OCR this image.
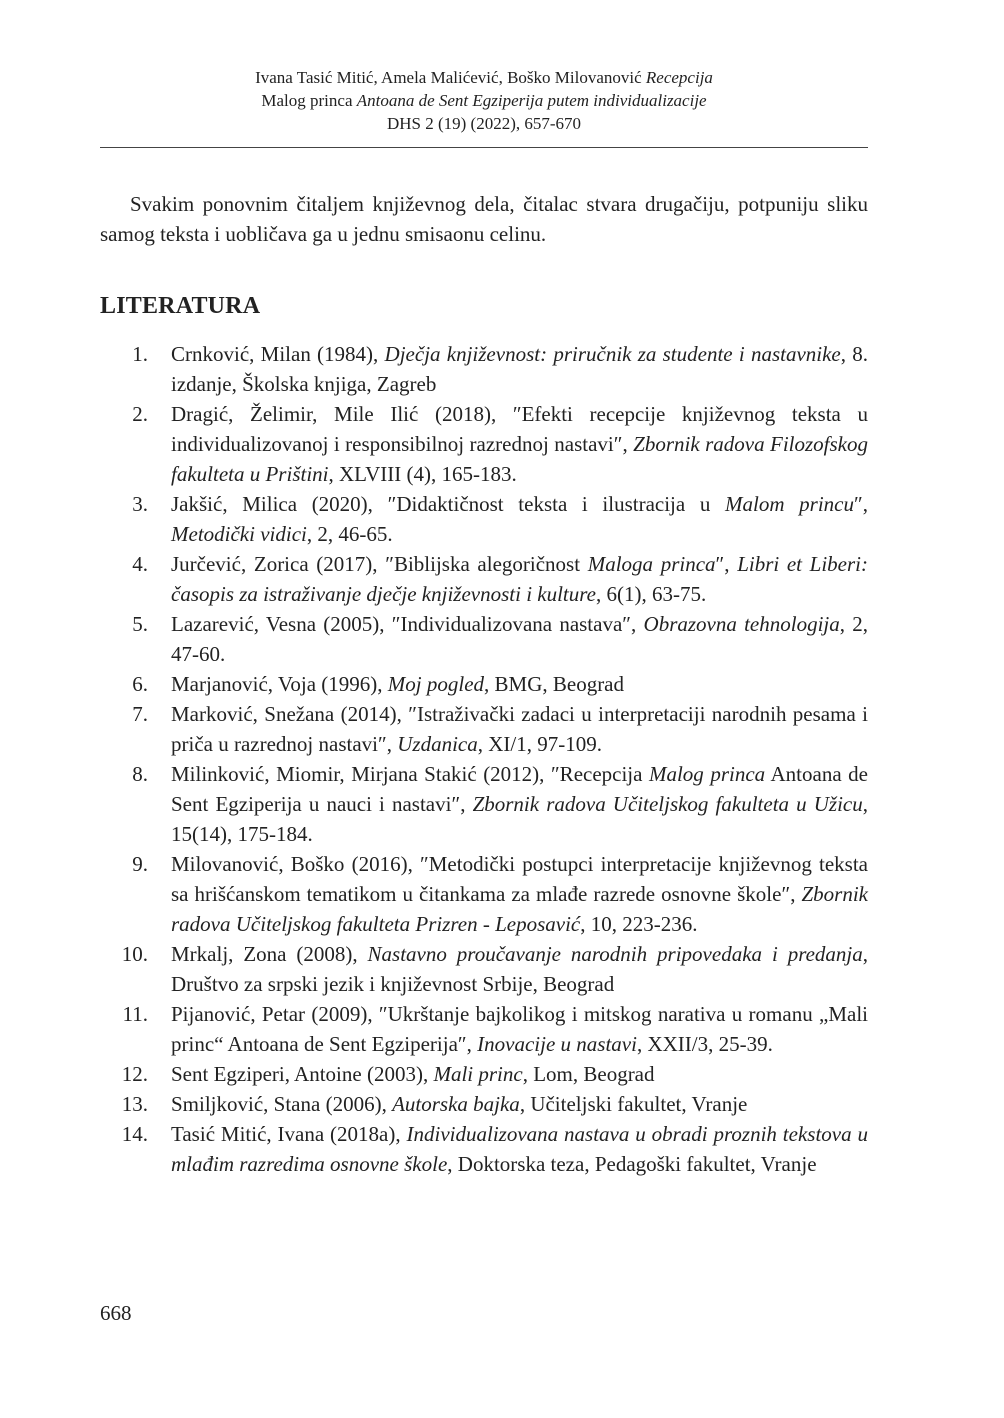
Ivana Tasić Mitić, Amela Malićević, Boško Milovanović Recepcija
Malog princa Antoana de Sent Egziperija putem individualizacije
DHS 2 (19) (2022), 657-670

Svakim ponovnim čitaljem književnog dela, čitalac stvara drugačiju, potpuniju sliku samog teksta i uobličava ga u jednu smisaonu celinu.

LITERATURA
1. Crnković, Milan (1984), Dječja književnost: priručnik za studente i nastavnike, 8. izdanje, Školska knjiga, Zagreb
2. Dragić, Želimir, Mile Ilić (2018), ″Efekti recepcije književnog teksta u individualizovanoj i responsibilnoj razrednoj nastavi″, Zbornik radova Filozofskog fakulteta u Prištini, XLVIII (4), 165-183.
3. Jakšić, Milica (2020), ″Didaktičnost teksta i ilustracija u Malom princu″, Metodički vidici, 2, 46-65.
4. Jurčević, Zorica (2017), ″Biblijska alegoričnost Maloga princa″, Libri et Liberi: časopis za istraživanje dječje književnosti i kulture, 6(1), 63-75.
5. Lazarević, Vesna (2005), ″Individualizovana nastava″, Obrazovna tehnologija, 2, 47-60.
6. Marjanović, Voja (1996), Moj pogled, BMG, Beograd
7. Marković, Snežana (2014), ″Istraživački zadaci u interpretaciji narodnih pesama i priča u razrednoj nastavi″, Uzdanica, XI/1, 97-109.
8. Milinković, Miomir, Mirjana Stakić (2012), ″Recepcija Malog princa Antoana de Sent Egziperija u nauci i nastavi″, Zbornik radova Učiteljskog fakulteta u Užicu, 15(14), 175-184.
9. Milovanović, Boško (2016), ″Metodički postupci interpretacije književnog teksta sa hrišćanskom tematikom u čitankama za mlađe razrede osnovne škole″, Zbornik radova Učiteljskog fakulteta Prizren - Leposavić, 10, 223-236.
10. Mrkalj, Zona (2008), Nastavno proučavanje narodnih pripovedaka i predanja, Društvo za srpski jezik i književnost Srbije, Beograd
11. Pijanović, Petar (2009), ″Ukrštanje bajkolikog i mitskog narativa u romanu „Mali princ“ Antoana de Sent Egziperija″, Inovacije u nastavi, XXII/3, 25-39.
12. Sent Egziperi, Antoine (2003), Mali princ, Lom, Beograd
13. Smiljković, Stana (2006), Autorska bajka, Učiteljski fakultet, Vranje
14. Tasić Mitić, Ivana (2018a), Individualizovana nastava u obradi proznih tekstova u mlađim razredima osnovne škole, Doktorska teza, Pedagoški fakultet, Vranje
668
